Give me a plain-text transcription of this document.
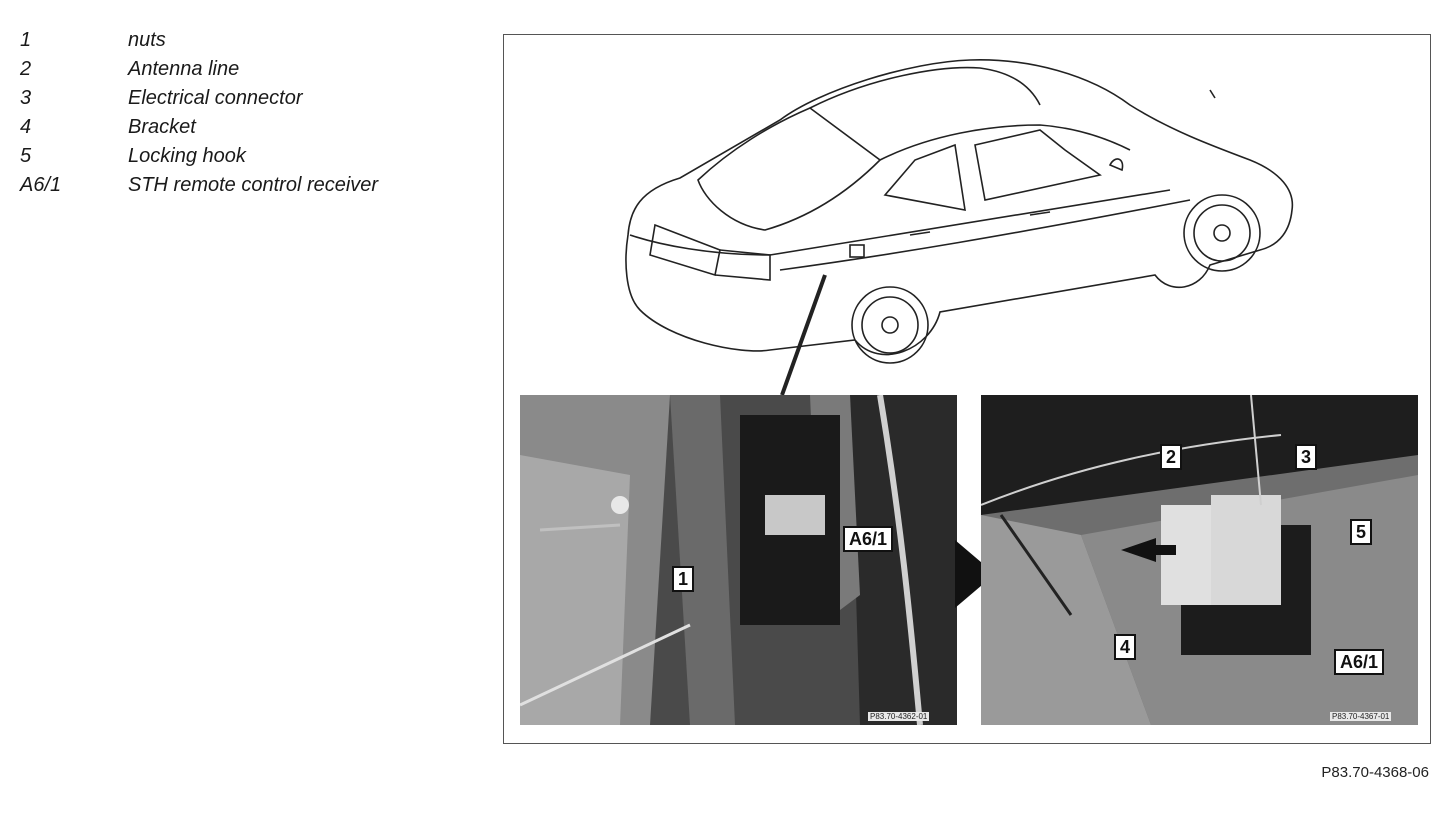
1	nuts
2	Antenna line
3	Electrical connector
4	Bracket
5	Locking hook
A6/1	STH remote control receiver
1
A6/1
P83.70-4362-01
2	3
5
4
A6/1
P83.70-4367-01
P83.70-4368-06
